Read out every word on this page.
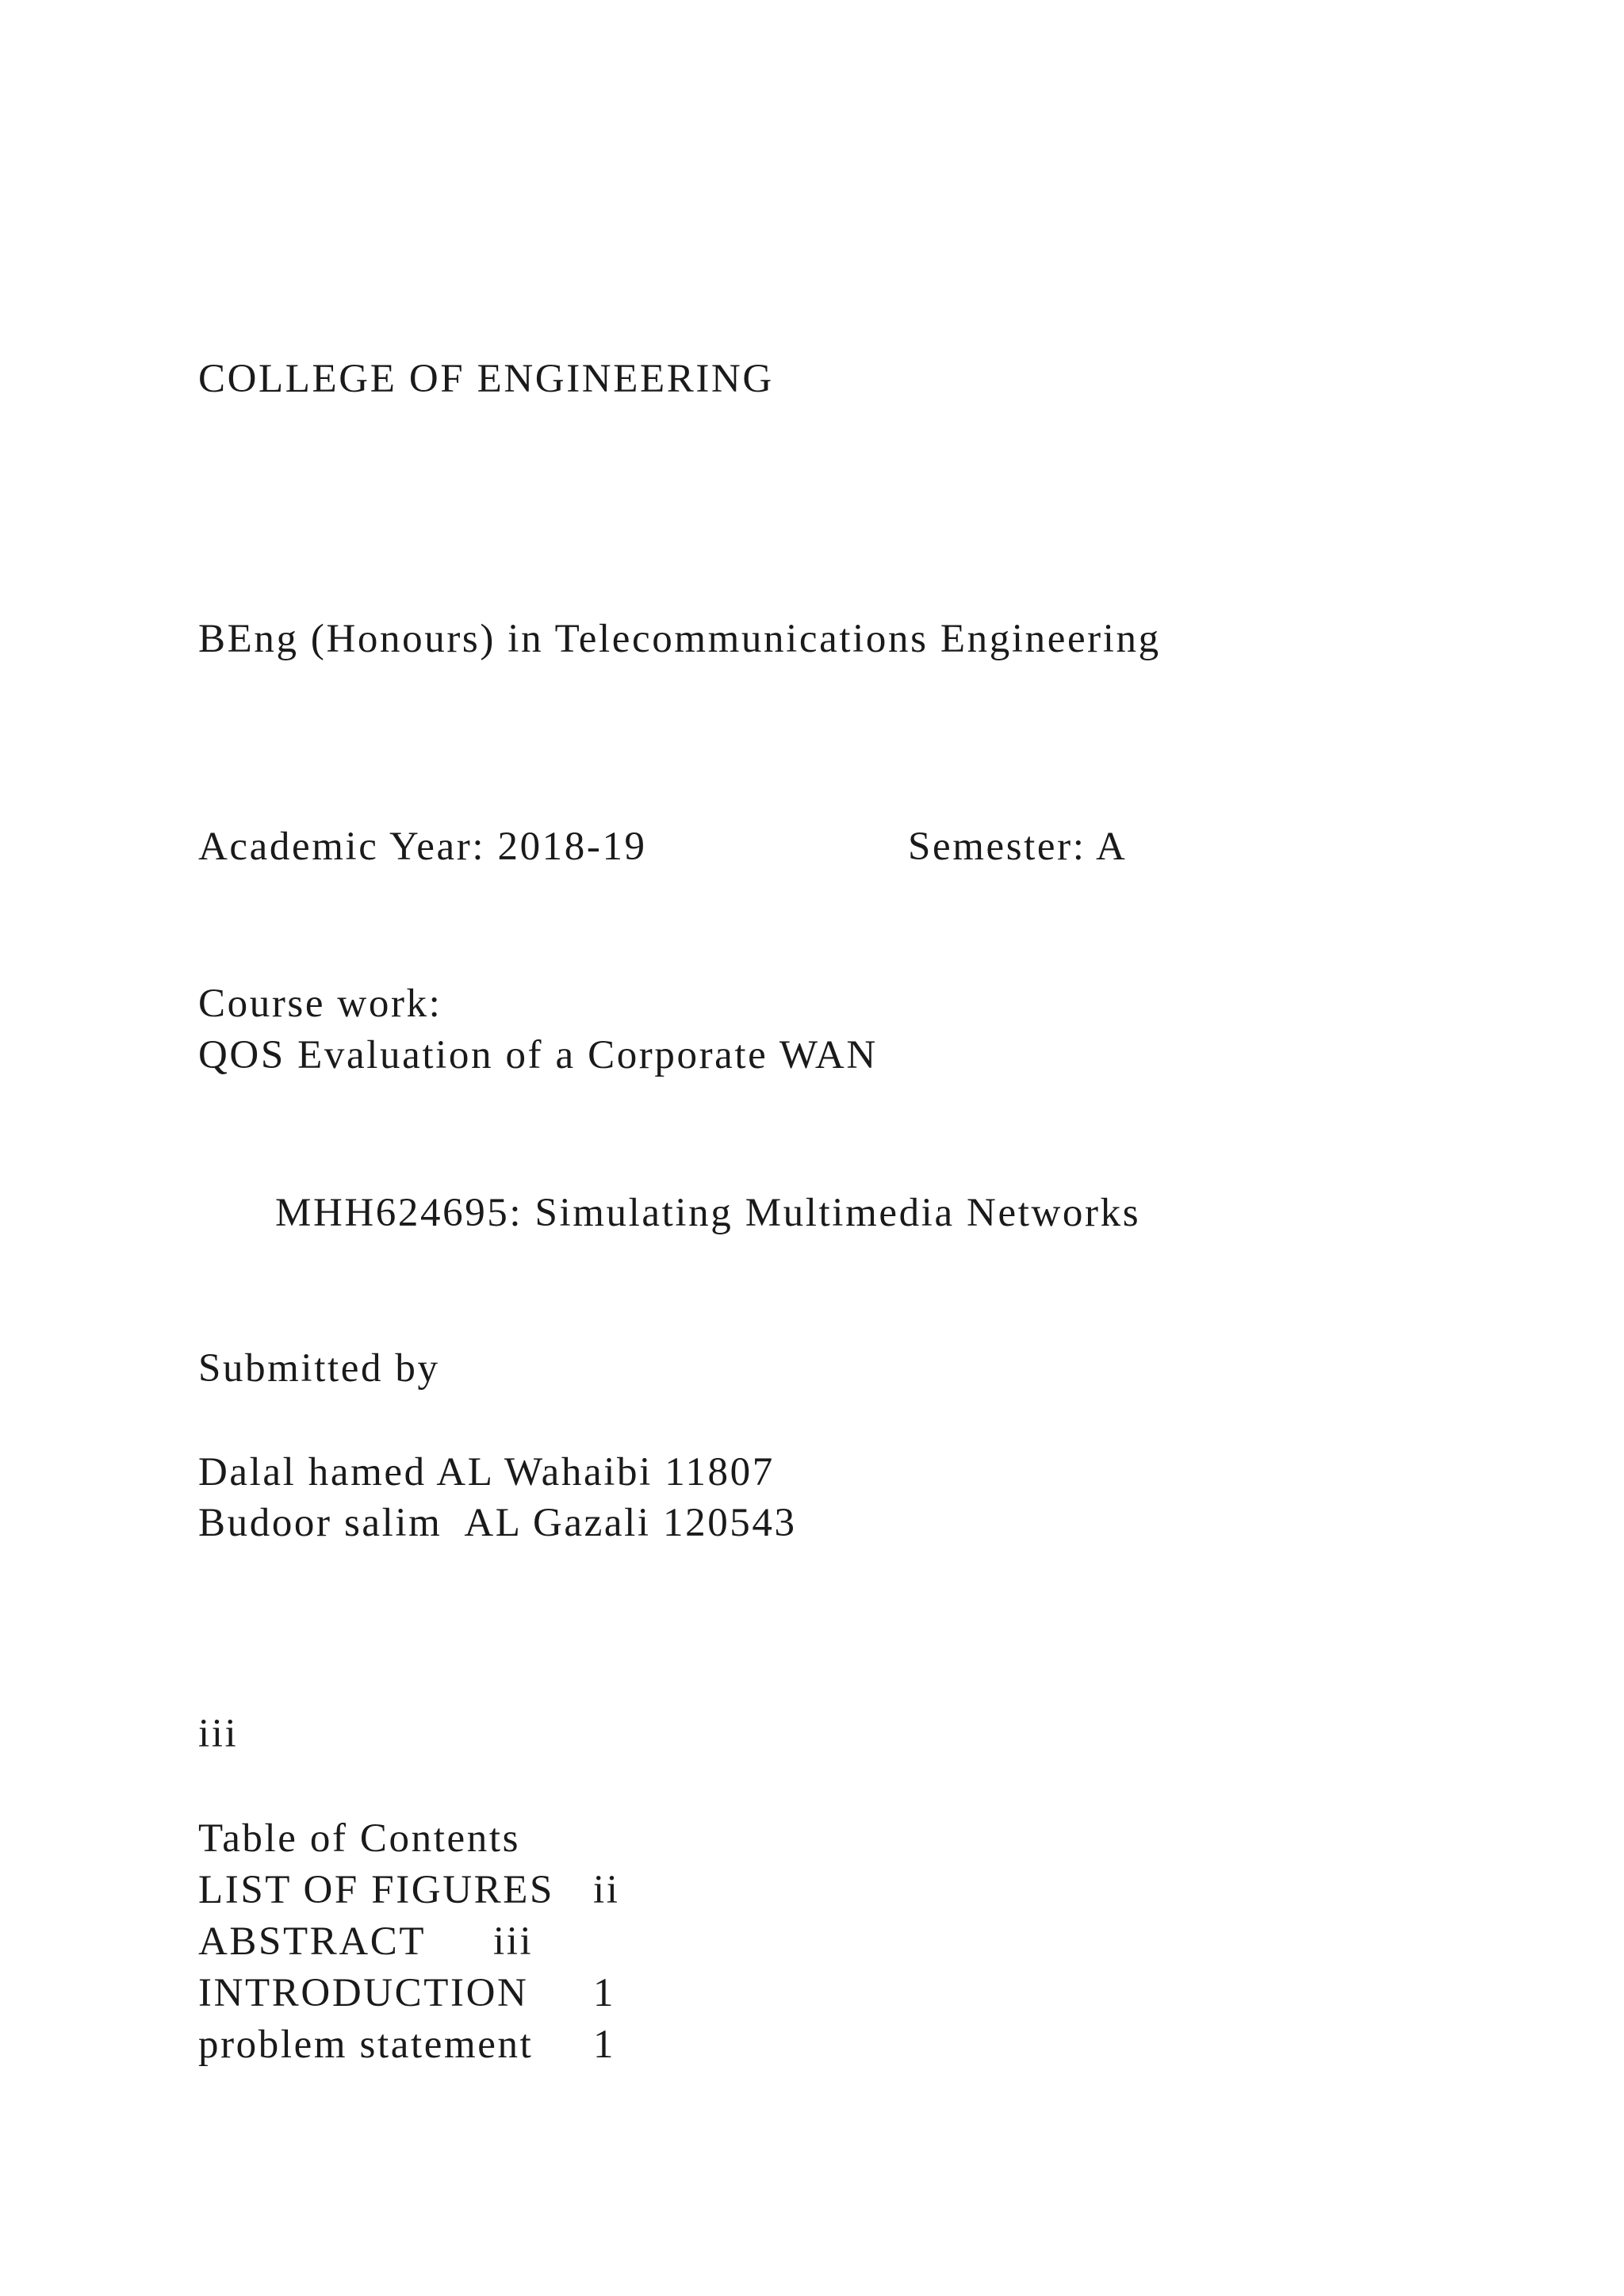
COLLEGE OF ENGINEERING

BEng (Honours) in Telecommunications Engineering

Academic Year: 2018-19	Semester: A

Course work:

QOS Evaluation of a Corporate WAN

MHH624695: Simulating Multimedia Networks

Submitted by

Dalal hamed AL Wahaibi 11807

Budoor salim  AL Gazali 120543

iii

Table of Contents

LIST OF FIGURES ii
ABSTRACT iii
INTRODUCTION 1
problem statement 1
